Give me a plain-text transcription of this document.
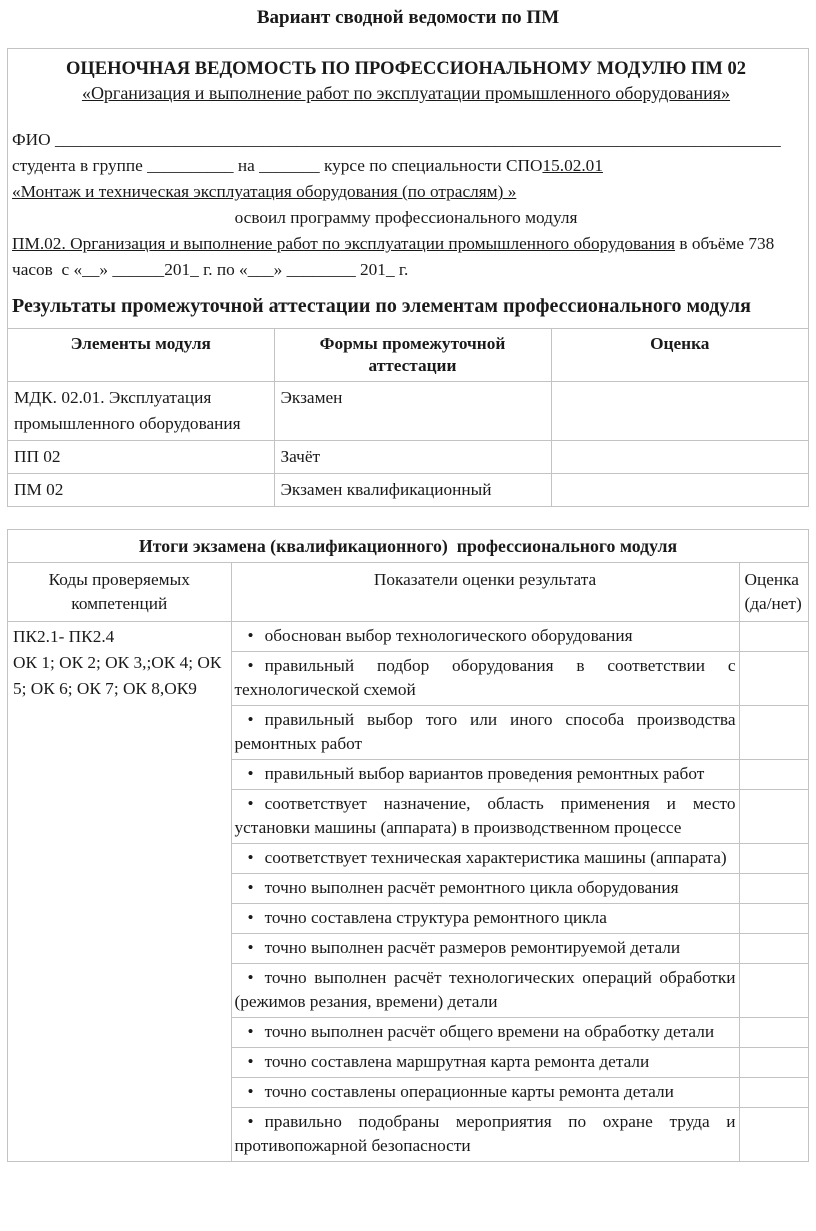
Вариант сводной ведомости по ПМ
ОЦЕНОЧНАЯ ВЕДОМОСТЬ ПО ПРОФЕССИОНАЛЬНОМУ МОДУЛЮ ПМ 02
«Организация и выполнение работ по эксплуатации промышленного оборудования»

ФИО ____________________________________________________________________________________

студента в группе __________ на _______ курсе по специальности СПО15.02.01

«Монтаж и техническая эксплуатация оборудования (по отраслям) »

освоил программу профессионального модуля

ПМ.02. Организация и выполнение работ по эксплуатации промышленного оборудования в объёме 738  часов  с «__» ______201_ г. по «___» ________ 201_ г.

Результаты промежуточной аттестации по элементам профессионального модуля
Элементы модуля	Формы промежуточной аттестации	Оценка
МДК. 02.01. Эксплуатация промышленного оборудования	Экзамен	
ПП 02	Зачёт	
ПМ 02	Экзамен квалификационный	
Итоги экзамена (квалификационного)  профессионального модуля
Коды проверяемых компетенций	Показатели оценки результата	Оценка (да/нет)

ПК2.1- ПК2.4
ОК 1; ОК 2; ОК 3,;ОК 4; ОК 5; ОК 6; ОК 7; ОК 8,ОК9	• обоснован выбор технологического оборудования	
	• правильный подбор оборудования в соответствии с технологической схемой	
	• правильный выбор того или иного способа производства ремонтных работ	
	• правильный выбор вариантов проведения ремонтных работ	
	• соответствует назначение, область применения и место установки машины (аппарата) в производственном процессе	
	• соответствует техническая характеристика машины (аппарата)	
	• точно выполнен расчёт ремонтного цикла оборудования	
	• точно составлена структура ремонтного цикла	
	• точно выполнен расчёт размеров ремонтируемой детали	
	• точно выполнен расчёт технологических операций обработки (режимов резания, времени) детали	
	• точно выполнен расчёт общего времени на обработку детали	
	• точно составлена маршрутная карта ремонта детали	
	• точно составлены операционные карты ремонта детали	
	• правильно подобраны мероприятия по охране труда и противопожарной безопасности	
